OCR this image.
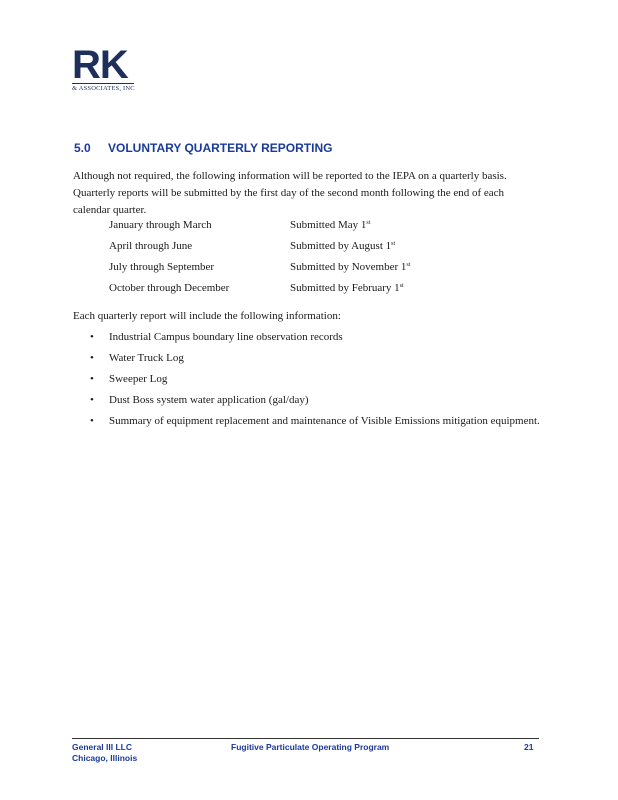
RK
& ASSOCIATES, INC
5.0 VOLUNTARY QUARTERLY REPORTING
Although not required, the following information will be reported to the IEPA on a quarterly basis. Quarterly reports will be submitted by the first day of the second month following the end of each calendar quarter.
January through March	Submitted May 1st
April through June	Submitted by August 1st
July through September	Submitted by November 1st
October through December	Submitted by February 1st
Each quarterly report will include the following information:
•	Industrial Campus boundary line observation records
•	Water Truck Log
•	Sweeper Log
•	Dust Boss system water application (gal/day)
•	Summary of equipment replacement and maintenance of Visible Emissions mitigation equipment.
General III LLC
Chicago, Illinois
Fugitive Particulate Operating Program	21
